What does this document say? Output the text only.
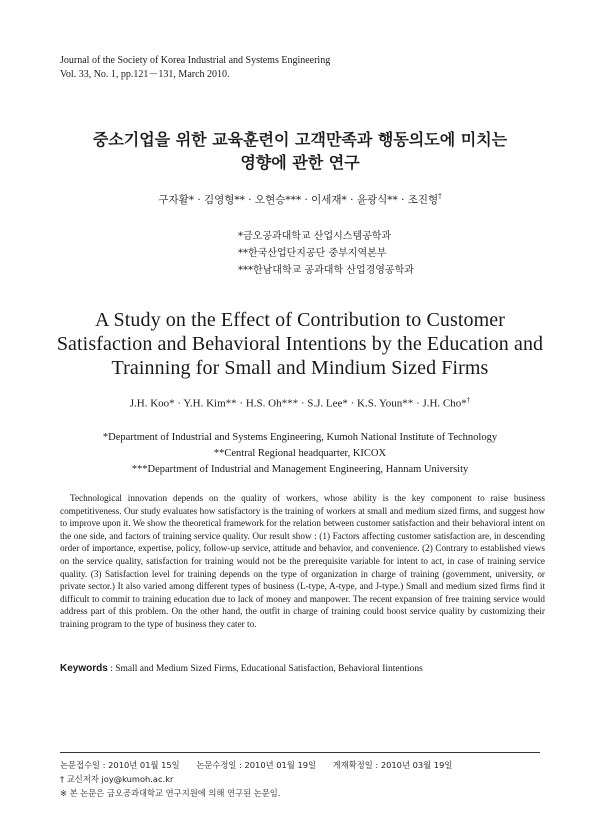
Journal of the Society of Korea Industrial and Systems Engineering
Vol. 33, No. 1, pp.121－131, March 2010.
중소기업을 위한 교육훈련이 고객만족과 행동의도에 미치는
영향에 관한 연구
구자활* · 김영형** · 오현승*** · 이세재* · 윤광식** · 조진형†
*금오공과대학교 산업시스템공학과
**한국산업단지공단 중부지역본부
***한남대학교 공과대학 산업경영공학과
A Study on the Effect of Contribution to Customer
Satisfaction and Behavioral Intentions by the Education and
Trainning for Small and Mindium Sized Firms
J.H. Koo* · Y.H. Kim** · H.S. Oh*** · S.J. Lee* · K.S. Youn** · J.H. Cho*†
*Department of Industrial and Systems Engineering, Kumoh National Institute of Technology
**Central Regional headquarter, KICOX
***Department of Industrial and Management Engineering, Hannam University

Technological innovation depends on the quality of workers, whose ability is the key component to raise business competitiveness. Our study evaluates how satisfactory is the training of workers at small and medium sized firms, and suggest how to improve upon it. We show the theoretical framework for the relation between customer satisfaction and their behavioral intent on the one side, and factors of training service quality. Our result show : (1) Factors affecting customer satisfaction are, in descending order of importance, expertise, policy, follow-up service, attitude and behavior, and convenience. (2) Contrary to established views on the service quality, satisfaction for training would not be the prerequisite variable for intent to act, in case of training service quality. (3) Satisfaction level for training depends on the type of organization in charge of training (government, university, or private sector.) It also varied among different types of business (L-type, A-type, and J-type.) Small and medium sized firms find it difficult to commit to training education due to lack of money and manpower. The recent expansion of free training service would address part of this problem. On the other hand, the outfit in charge of training could boost service quality by customizing their training program to the type of business they cater to.

Keywords : Small and Medium Sized Firms, Educational Satisfaction, Behavioral Iintentions
논문접수일 : 2010년 01월 15일 논문수정일 : 2010년 01월 19일 게재확정일 : 2010년 03월 19일
† 교신저자 joy@kumoh.ac.kr
※ 본 논문은 금오공과대학교 연구지원에 의해 연구된 논문임.
